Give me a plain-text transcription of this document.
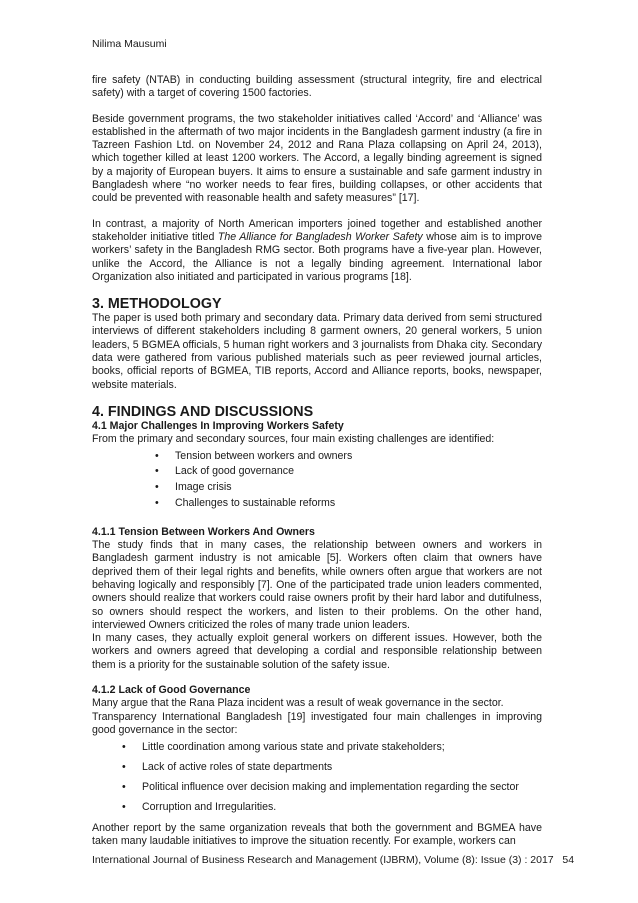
Nilima Mausumi

fire safety (NTAB) in conducting building assessment (structural integrity, fire and electrical safety) with a target of covering 1500 factories.

Beside government programs, the two stakeholder initiatives called ‘Accord’ and ‘Alliance’ was established in the aftermath of two major incidents in the Bangladesh garment industry (a fire in Tazreen Fashion Ltd. on November 24, 2012 and Rana Plaza collapsing on April 24, 2013), which together killed at least 1200 workers. The Accord, a legally binding agreement is signed by a majority of European buyers. It aims to ensure a sustainable and safe garment industry in Bangladesh where “no worker needs to fear fires, building collapses, or other accidents that could be prevented with reasonable health and safety measures” [17].

In contrast, a majority of North American importers joined together and established another stakeholder initiative titled The Alliance for Bangladesh Worker Safety whose aim is to improve workers’ safety in the Bangladesh RMG sector. Both programs have a five-year plan. However, unlike the Accord, the Alliance is not a legally binding agreement. International labor Organization also initiated and participated in various programs [18].

3. METHODOLOGY

The paper is used both primary and secondary data. Primary data derived from semi structured interviews of different stakeholders including 8 garment owners, 20 general workers, 5 union leaders, 5 BGMEA officials, 5 human right workers and 3 journalists from Dhaka city. Secondary data were gathered from various published materials such as peer reviewed journal articles, books, official reports of BGMEA, TIB reports, Accord and Alliance reports, books, newspaper, website materials.

4. FINDINGS AND DISCUSSIONS
4.1 Major Challenges In Improving Workers Safety

From the primary and secondary sources, four main existing challenges are identified:

• Tension between workers and owners
• Lack of good governance
• Image crisis
• Challenges to sustainable reforms
4.1.1 Tension Between Workers And Owners

The study finds that in many cases, the relationship between owners and workers in Bangladesh garment industry is not amicable [5]. Workers often claim that owners have deprived them of their legal rights and benefits, while owners often argue that workers are not behaving logically and responsibly [7]. One of the participated trade union leaders commented, owners should realize that workers could raise owners profit by their hard labor and dutifulness, so owners should respect the workers, and listen to their problems. On the other hand, interviewed Owners criticized the roles of many trade union leaders.

In many cases, they actually exploit general workers on different issues. However, both the workers and owners agreed that developing a cordial and responsible relationship between them is a priority for the sustainable solution of the safety issue.

4.1.2 Lack of Good Governance

Many argue that the Rana Plaza incident was a result of weak governance in the sector.

Transparency International Bangladesh [19] investigated four main challenges in improving good governance in the sector:

• Little coordination among various state and private stakeholders;
• Lack of active roles of state departments
• Political influence over decision making and implementation regarding the sector
• Corruption and Irregularities.

Another report by the same organization reveals that both the government and BGMEA have taken many laudable initiatives to improve the situation recently. For example, workers can

International Journal of Business Research and Management (IJBRM), Volume (8): Issue (3) : 2017 54
